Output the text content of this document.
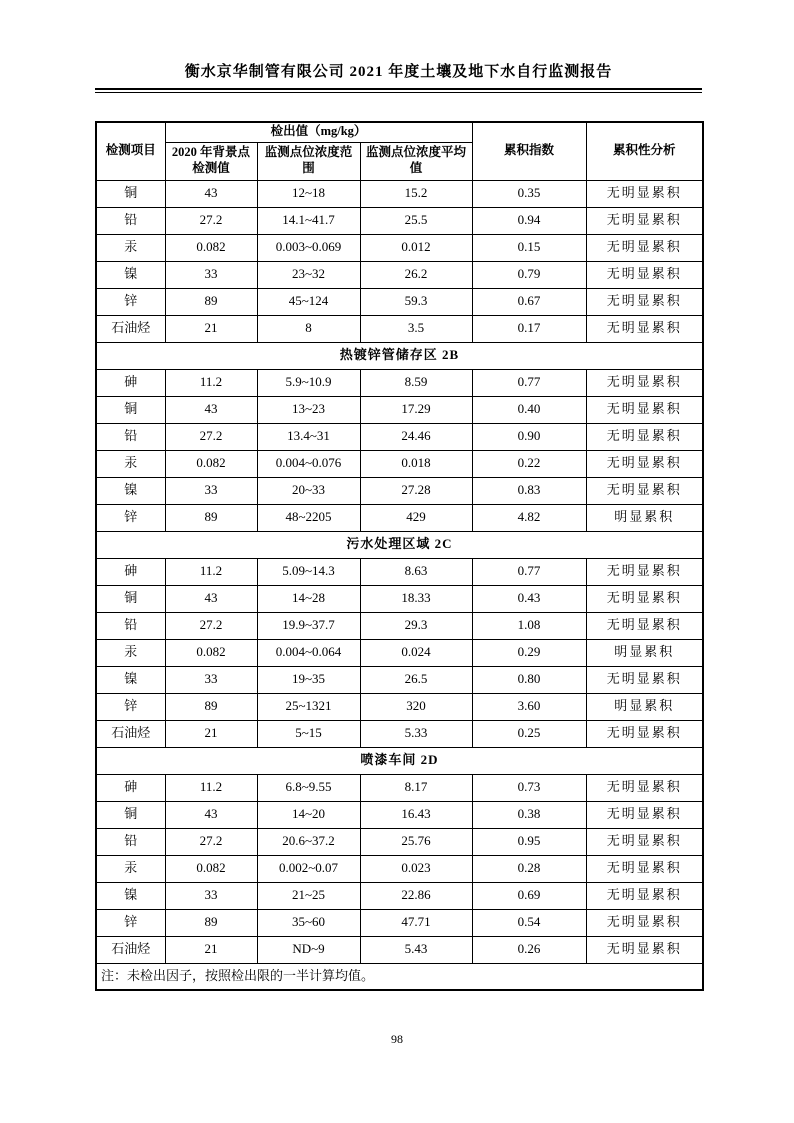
衡水京华制管有限公司 2021 年度土壤及地下水自行监测报告
检测项目	检出值（mg/kg）			累积指数	累积性分析
	2020 年背景点检测值	监测点位浓度范围	监测点位浓度平均值		
铜	43	12~18	15.2	0.35	无明显累积
铅	27.2	14.1~41.7	25.5	0.94	无明显累积
汞	0.082	0.003~0.069	0.012	0.15	无明显累积
镍	33	23~32	26.2	0.79	无明显累积
锌	89	45~124	59.3	0.67	无明显累积
石油烃	21	8	3.5	0.17	无明显累积
热镀锌管储存区 2B					
砷	11.2	5.9~10.9	8.59	0.77	无明显累积
铜	43	13~23	17.29	0.40	无明显累积
铅	27.2	13.4~31	24.46	0.90	无明显累积
汞	0.082	0.004~0.076	0.018	0.22	无明显累积
镍	33	20~33	27.28	0.83	无明显累积
锌	89	48~2205	429	4.82	明显累积
污水处理区域 2C					
砷	11.2	5.09~14.3	8.63	0.77	无明显累积
铜	43	14~28	18.33	0.43	无明显累积
铅	27.2	19.9~37.7	29.3	1.08	无明显累积
汞	0.082	0.004~0.064	0.024	0.29	明显累积
镍	33	19~35	26.5	0.80	无明显累积
锌	89	25~1321	320	3.60	明显累积
石油烃	21	5~15	5.33	0.25	无明显累积
喷漆车间 2D					
砷	11.2	6.8~9.55	8.17	0.73	无明显累积
铜	43	14~20	16.43	0.38	无明显累积
铅	27.2	20.6~37.2	25.76	0.95	无明显累积
汞	0.082	0.002~0.07	0.023	0.28	无明显累积
镍	33	21~25	22.86	0.69	无明显累积
锌	89	35~60	47.71	0.54	无明显累积
石油烃	21	ND~9	5.43	0.26	无明显累积
注：未检出因子，按照检出限的一半计算均值。					
98
